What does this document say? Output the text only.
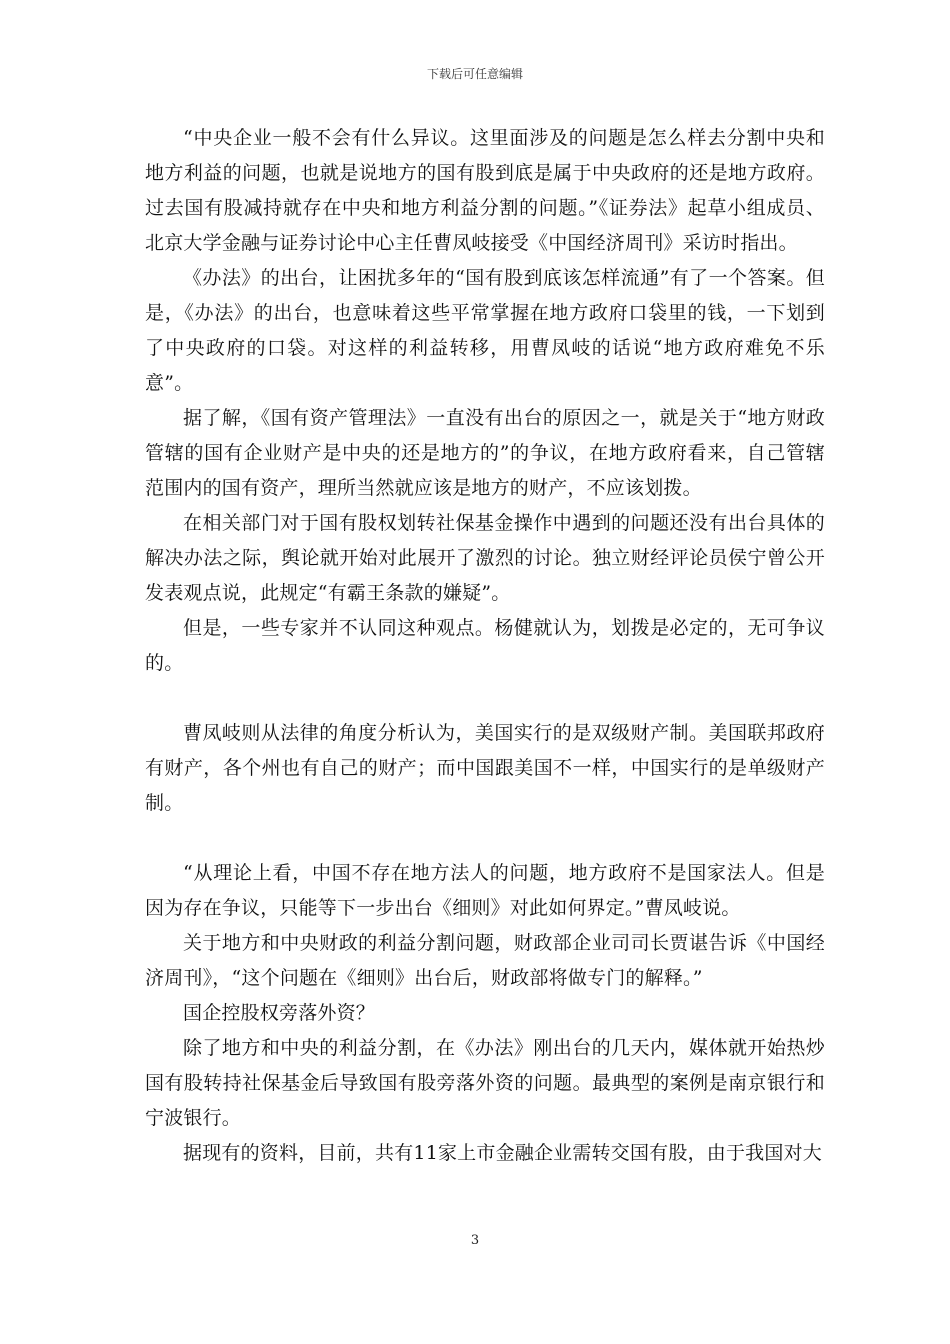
下载后可任意编辑

“中央企业一般不会有什么异议。这里面涉及的问题是怎么样去分割中央和地方利益的问题，也就是说地方的国有股到底是属于中央政府的还是地方政府。过去国有股减持就存在中央和地方利益分割的问题。”《证券法》起草小组成员、北京大学金融与证券讨论中心主任曹凤岐接受《中国经济周刊》采访时指出。

《办法》的出台，让困扰多年的“国有股到底该怎样流通”有了一个答案。但是，《办法》的出台，也意味着这些平常掌握在地方政府口袋里的钱，一下划到了中央政府的口袋。对这样的利益转移，用曹凤岐的话说“地方政府难免不乐意”。

据了解，《国有资产管理法》一直没有出台的原因之一，就是关于“地方财政管辖的国有企业财产是中央的还是地方的”的争议，在地方政府看来，自己管辖范围内的国有资产，理所当然就应该是地方的财产，不应该划拨。

在相关部门对于国有股权划转社保基金操作中遇到的问题还没有出台具体的解决办法之际，舆论就开始对此展开了激烈的讨论。独立财经评论员侯宁曾公开发表观点说，此规定“有霸王条款的嫌疑”。

但是，一些专家并不认同这种观点。杨健就认为，划拨是必定的，无可争议的。

曹凤岐则从法律的角度分析认为，美国实行的是双级财产制。美国联邦政府有财产，各个州也有自己的财产；而中国跟美国不一样，中国实行的是单级财产制。

“从理论上看，中国不存在地方法人的问题，地方政府不是国家法人。但是因为存在争议，只能等下一步出台《细则》对此如何界定。”曹凤岐说。

关于地方和中央财政的利益分割问题，财政部企业司司长贾谌告诉《中国经济周刊》，“这个问题在《细则》出台后，财政部将做专门的解释。”

国企控股权旁落外资？

除了地方和中央的利益分割，在《办法》刚出台的几天内，媒体就开始热炒国有股转持社保基金后导致国有股旁落外资的问题。最典型的案例是南京银行和宁波银行。

据现有的资料，目前，共有11家上市金融企业需转交国有股，由于我国对大

3
